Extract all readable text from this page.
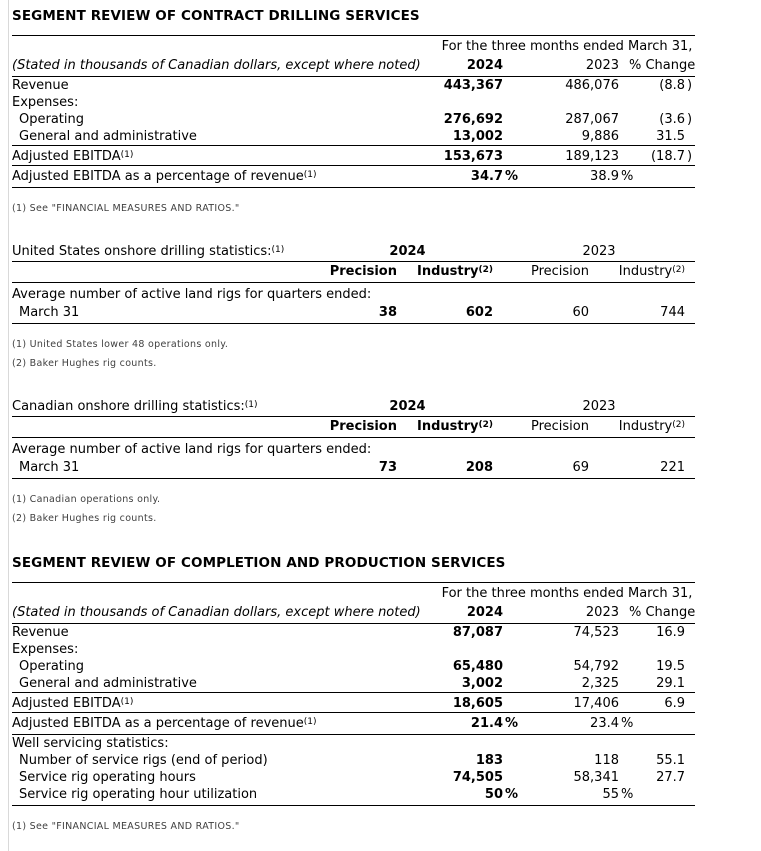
SEGMENT REVIEW OF CONTRACT DRILLING SERVICES
	For the three months ended March 31,		
(Stated in thousands of Canadian dollars, except where noted)	2024	2023	% Change
Revenue	443,367	486,076	(8.8 )
Expenses:			
Operating	276,692	287,067	(3.6 )
General and administrative	13,002	9,886	31.5
Adjusted EBITDA$^{(1)}$	153,673	189,123	(18.7 )
Adjusted EBITDA as a percentage of revenue$^{(1)}$	34.7 %	38.9 %	

(1) See "FINANCIAL MEASURES AND RATIOS."

United States onshore drilling statistics:$^{(1)}$	2024		2023	
	Precision	Industry$^{(2)}$	Precision	Industry$^{(2)}$
Average number of active land rigs for quarters ended:				
March 31	38	602	60	744

(1) United States lower 48 operations only.

(2) Baker Hughes rig counts.

Canadian onshore drilling statistics:$^{(1)}$	2024		2023	
	Precision	Industry$^{(2)}$	Precision	Industry$^{(2)}$
Average number of active land rigs for quarters ended:				
March 31	73	208	69	221

(1) Canadian operations only.

(2) Baker Hughes rig counts.

SEGMENT REVIEW OF COMPLETION AND PRODUCTION SERVICES
	For the three months ended March 31,		
(Stated in thousands of Canadian dollars, except where noted)	2024	2023	% Change
Revenue	87,087	74,523	16.9
Expenses:			
Operating	65,480	54,792	19.5
General and administrative	3,002	2,325	29.1
Adjusted EBITDA$^{(1)}$	18,605	17,406	6.9
Adjusted EBITDA as a percentage of revenue$^{(1)}$	21.4 %	23.4 %	
Well servicing statistics:			
Number of service rigs (end of period)	183	118	55.1
Service rig operating hours	74,505	58,341	27.7
Service rig operating hour utilization	50 %	55 %	

(1) See "FINANCIAL MEASURES AND RATIOS."
